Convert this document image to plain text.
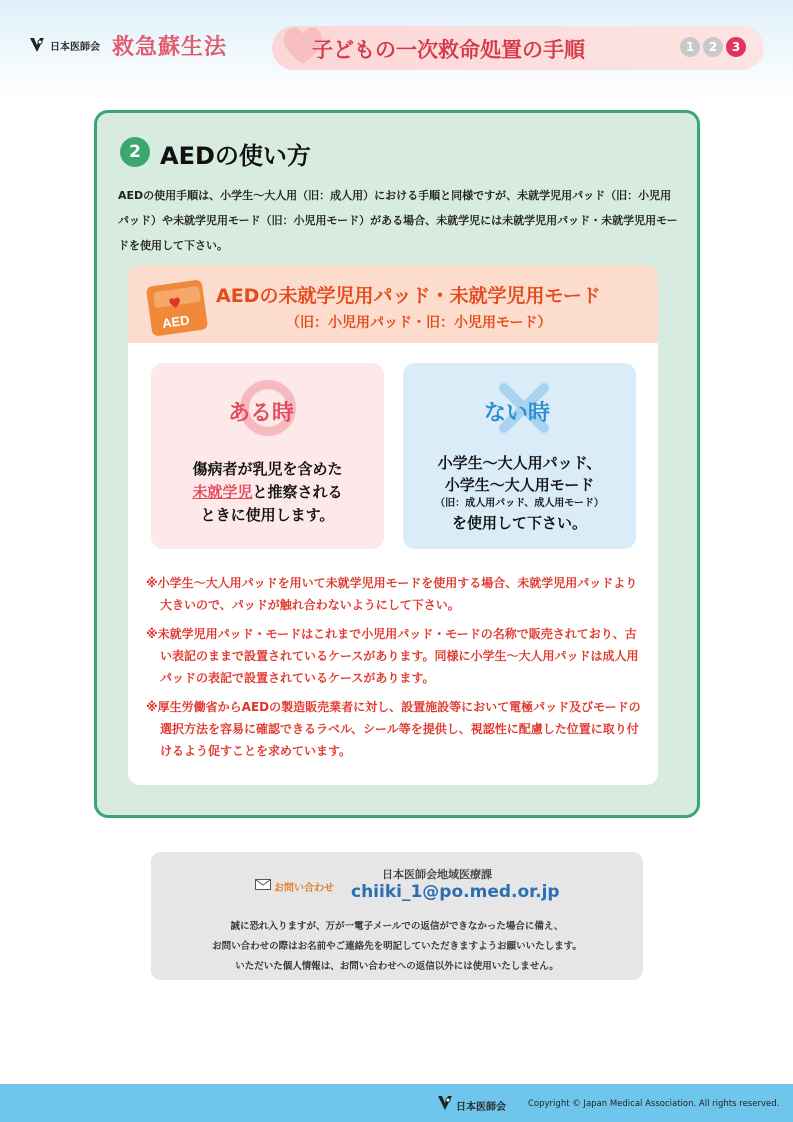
日本医師会 救急蘇生法	子どもの一次救命処置の手順	1	2	3
2 AEDの使い方
AEDの使用手順は、小学生～大人用（旧：成人用）における手順と同様ですが、未就学児用パッド（旧：小児用パッド）や未就学児用モード（旧：小児用モード）がある場合、未就学児には未就学児用パッド・未就学児用モードを使用して下さい。
AED
AEDの未就学児用パッド・未就学児用モード
（旧：小児用パッド・旧：小児用モード）
ある時
傷病者が乳児を含めた
未就学児と推察される
ときに使用します。
ない時
小学生～大人用パッド、
小学生～大人用モード
（旧：成人用パッド、成人用モード）
を使用して下さい。

※小学生～大人用パッドを用いて未就学児用モードを使用する場合、未就学児用パッドより大きいので、パッドが触れ合わないようにして下さい。

※未就学児用パッド・モードはこれまで小児用パッド・モードの名称で販売されており、古い表記のままで設置されているケースがあります。同様に小学生～大人用パッドは成人用パッドの表記で設置されているケースがあります。

※厚生労働省からAEDの製造販売業者に対し、設置施設等において電極パッド及びモードの選択方法を容易に確認できるラベル、シール等を提供し、視認性に配慮した位置に取り付けるよう促すことを求めています。

お問い合わせ
日本医師会地域医療課
chiiki_1@po.med.or.jp
誠に恐れ入りますが、万が一電子メールでの返信ができなかった場合に備え、
お問い合わせの際はお名前やご連絡先を明記していただきますようお願いいたします。
いただいた個人情報は、お問い合わせへの返信以外には使用いたしません。
日本医師会	Copyright © Japan Medical Association. All rights reserved.
